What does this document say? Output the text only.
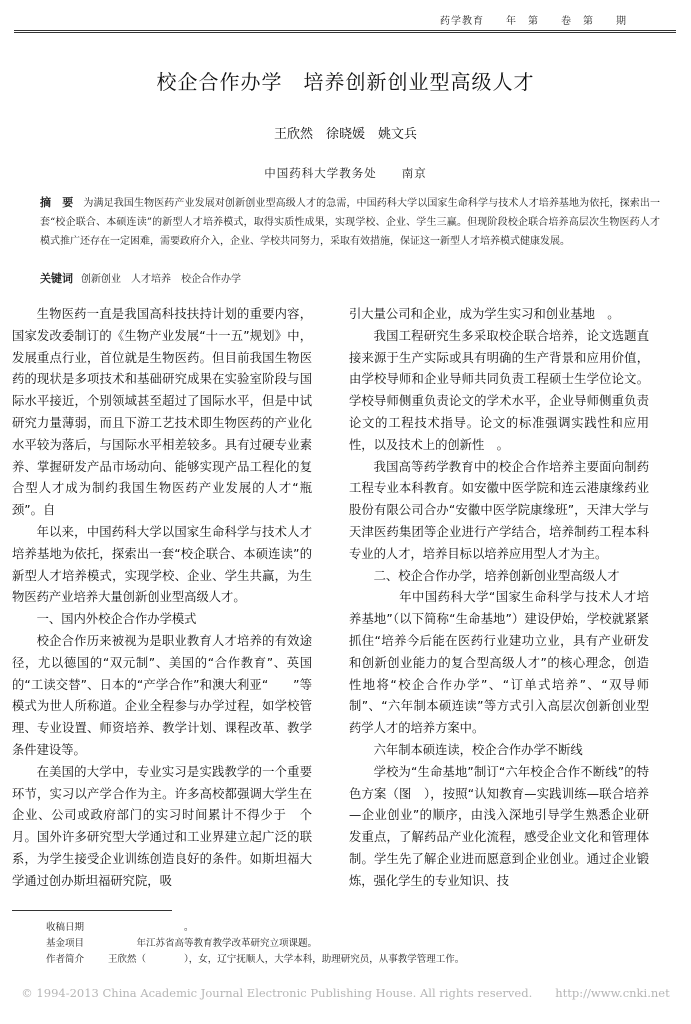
药学教育　　年　第　　卷　第　　期
校企合作办学　培养创新创业型高级人才
王欣然　徐晓媛　姚文兵
中国药科大学教务处　　南京
摘　要 为满足我国生物医药产业发展对创新创业型高级人才的急需，中国药科大学以国家生命科学与技术人才培养基地为依托，探索出一套“校企联合、本硕连读”的新型人才培养模式，取得实质性成果，实现学校、企业、学生三赢。但现阶段校企联合培养高层次生物医药人才模式推广还存在一定困难，需要政府介入，企业、学校共同努力，采取有效措施，保证这一新型人才培养模式健康发展。
关键词 创新创业　人才培养　校企合作办学

生物医药一直是我国高科技扶持计划的重要内容，国家发改委制订的《生物产业发展“十一五”规划》中，发展重点行业，首位就是生物医药。但目前我国生物医药的现状是多项技术和基础研究成果在实验室阶段与国际水平接近，个别领域甚至超过了国际水平，但是中试研究力量薄弱，而且下游工艺技术即生物医药的产业化水平较为落后，与国际水平相差较多。具有过硬专业素养、掌握研发产品市场动向、能够实现产品工程化的复合型人才成为制约我国生物医药产业发展的人才“瓶颈”。自

年以来，中国药科大学以国家生命科学与技术人才培养基地为依托，探索出一套“校企联合、本硕连读”的新型人才培养模式，实现学校、企业、学生共赢，为生物医药产业培养大量创新创业型高级人才。

一、国内外校企合作办学模式

校企合作历来被视为是职业教育人才培养的有效途径，尤以德国的“双元制”、美国的“合作教育”、英国的“工读交替”、日本的“产学合作”和澳大利亚“　　”等模式为世人所称道。企业全程参与办学过程，如学校管理、专业设置、师资培养、教学计划、课程改革、教学条件建设等。

在美国的大学中，专业实习是实践教学的一个重要环节，实习以产学合作为主。许多高校都强调大学生在企业、公司或政府部门的实习时间累计不得少于　个月。国外许多研究型大学通过和工业界建立起广泛的联系，为学生接受企业训练创造良好的条件。如斯坦福大学通过创办斯坦福研究院，吸

引大量公司和企业，成为学生实习和创业基地　。

我国工程研究生多采取校企联合培养，论文选题直接来源于生产实际或具有明确的生产背景和应用价值，由学校导师和企业导师共同负责工程硕士生学位论文。学校导师侧重负责论文的学术水平，企业导师侧重负责论文的工程技术指导。论文的标准强调实践性和应用性，以及技术上的创新性　。

我国高等药学教育中的校企合作培养主要面向制药工程专业本科教育。如安徽中医学院和连云港康缘药业股份有限公司合办“安徽中医学院康缘班”，天津大学与天津医药集团等企业进行产学结合，培养制药工程本科专业的人才，培养目标以培养应用型人才为主。

二、校企合作办学，培养创新创业型高级人才

　　年中国药科大学“国家生命科学与技术人才培养基地”（以下简称“生命基地”）建设伊始，学校就紧紧抓住“培养今后能在医药行业建功立业，具有产业研发和创新创业能力的复合型高级人才”的核心理念，创造性地将“校企合作办学”、“订单式培养”、“双导师制”、“六年制本硕连读”等方式引入高层次创新创业型药学人才的培养方案中。

六年制本硕连读，校企合作办学不断线

学校为“生命基地”制订“六年校企合作不断线”的特色方案（图　），按照“认知教育—实践训练—联合培养—企业创业”的顺序，由浅入深地引导学生熟悉企业研发重点，了解药品产业化流程，感受企业文化和管理体制。学生先了解企业进而愿意到企业创业。通过企业锻炼，强化学生的专业知识、技

收稿日期	　　　　　　　　。
基金项目	　　　年江苏省高等教育教学改革研究立项课题。
作者简介	王欣然（　　　　），女，辽宁抚顺人，大学本科，助理研究员，从事教学管理工作。
© 1994-2013 China Academic Journal Electronic Publishing House. All rights reserved.　　http://www.cnki.net
